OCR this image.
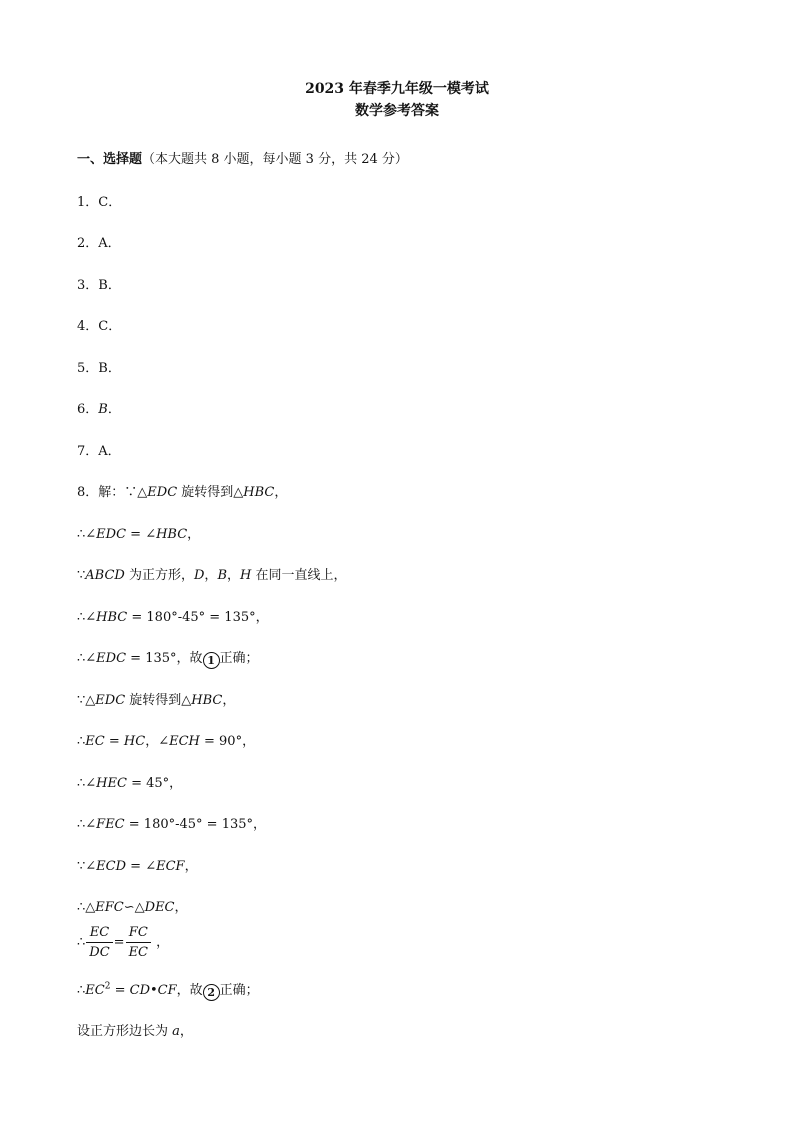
2023 年春季九年级一模考试
数学参考答案
一、选择题（本大题共 8 小题，每小题 3 分，共 24 分）
1．C．
2．A．
3．B．
4．C．
5．B．
6．B．
7．A．
8．解：∵△EDC 旋转得到△HBC，
∴∠EDC = ∠HBC，
∵ABCD 为正方形，D，B，H 在同一直线上，
∴∠HBC = 180°-45° = 135°，
∴∠EDC = 135°，故 1 正确；
∵△EDC 旋转得到△HBC，
∴EC = HC，∠ECH = 90°，
∴∠HEC = 45°，
∴∠FEC = 180°-45° = 135°，
∵∠ECD = ∠ECF，
∴△EFC∽△DEC，
∴ $\frac{EC}{DC} = \frac{FC}{EC}$ ，
$\therefore EC^2$ = CD•CF，故 2 正确；
设正方形边长为 a，
